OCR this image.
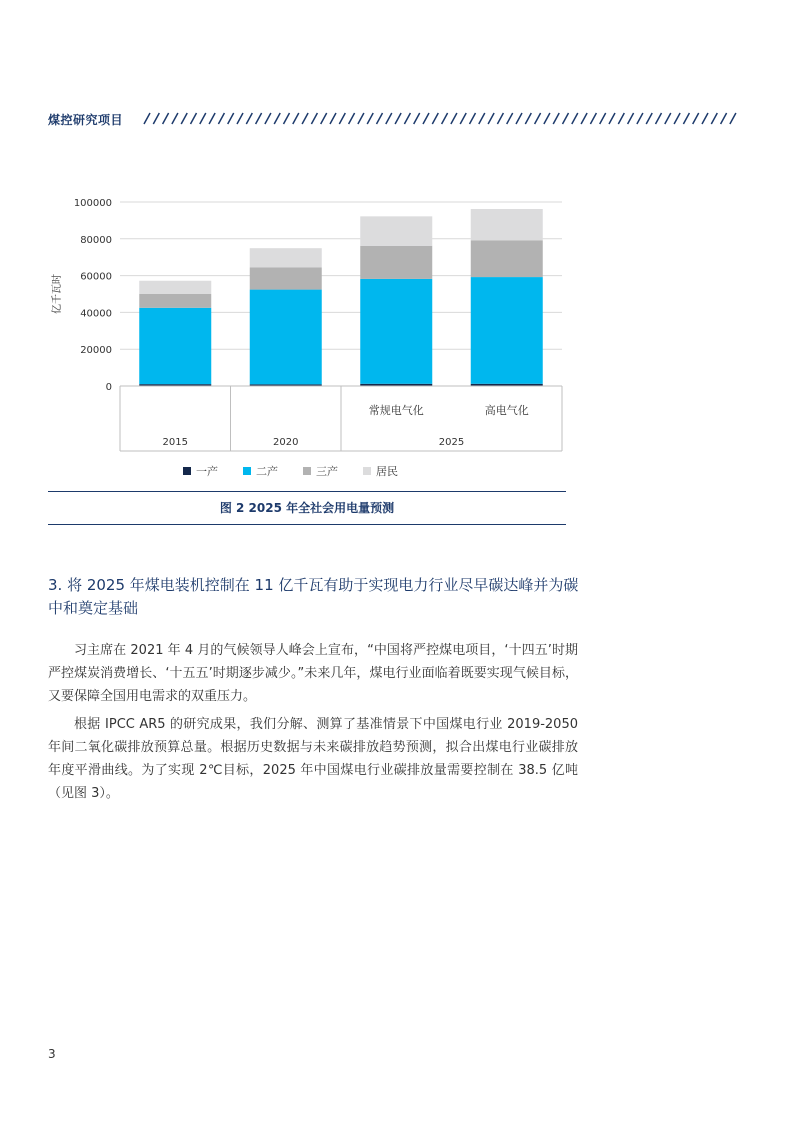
煤控研究项目
0
20000
40000
60000
80000
100000
亿千瓦时
2015	2020
常规电气化	高电气化
2025
一产	二产	三产	居民
图 2 2025 年全社会用电量预测
3. 将 2025 年煤电装机控制在 11 亿千瓦有助于实现电力行业尽早碳达峰并为碳中和奠定基础

习主席在 2021 年 4 月的气候领导人峰会上宣布，“中国将严控煤电项目，‘十四五’时期严控煤炭消费增长、‘十五五’时期逐步减少。”未来几年，煤电行业面临着既要实现气候目标，又要保障全国用电需求的双重压力。

根据 IPCC AR5 的研究成果，我们分解、测算了基准情景下中国煤电行业 2019-2050 年间二氧化碳排放预算总量。根据历史数据与未来碳排放趋势预测，拟合出煤电行业碳排放年度平滑曲线。为了实现 2℃目标，2025 年中国煤电行业碳排放量需要控制在 38.5 亿吨（见图 3）。

3
